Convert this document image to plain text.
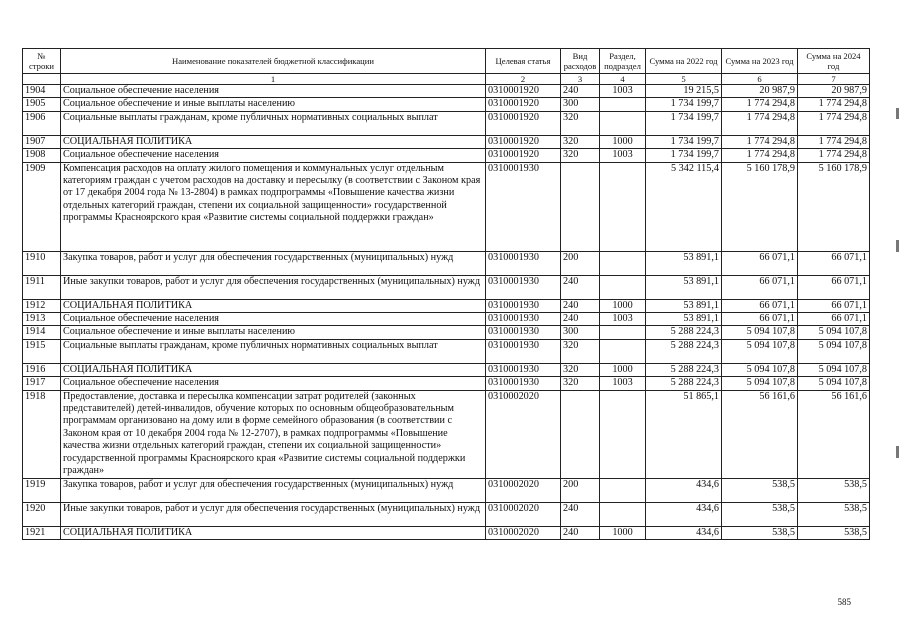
№ строки	Наименование показателей бюджетной классификации	Целевая статья	Вид расходов	Раздел, подраздел	Сумма на 2022 год	Сумма на 2023 год	Сумма на 2024 год
	1	2	3	4	5	6	7
1904	Социальное обеспечение населения	0310001920	240	1003	19 215,5	20 987,9	20 987,9
1905	Социальное обеспечение и иные выплаты населению	0310001920	300		1 734 199,7	1 774 294,8	1 774 294,8
1906	Социальные выплаты гражданам, кроме публичных нормативных социальных выплат	0310001920	320		1 734 199,7	1 774 294,8	1 774 294,8
1907	СОЦИАЛЬНАЯ ПОЛИТИКА	0310001920	320	1000	1 734 199,7	1 774 294,8	1 774 294,8
1908	Социальное обеспечение населения	0310001920	320	1003	1 734 199,7	1 774 294,8	1 774 294,8
1909	Компенсация расходов на оплату жилого помещения и коммунальных услуг отдельным категориям граждан с учетом расходов на доставку и пересылку (в соответствии с Законом края от 17 декабря 2004 года № 13-2804) в рамках подпрограммы «Повышение качества жизни отдельных категорий граждан, степени их социальной защищенности» государственной программы Красноярского края «Развитие системы социальной поддержки граждан»	0310001930			5 342 115,4	5 160 178,9	5 160 178,9
1910	Закупка товаров, работ и услуг для обеспечения государственных (муниципальных) нужд	0310001930	200		53 891,1	66 071,1	66 071,1
1911	Иные закупки товаров, работ и услуг для обеспечения государственных (муниципальных) нужд	0310001930	240		53 891,1	66 071,1	66 071,1
1912	СОЦИАЛЬНАЯ ПОЛИТИКА	0310001930	240	1000	53 891,1	66 071,1	66 071,1
1913	Социальное обеспечение населения	0310001930	240	1003	53 891,1	66 071,1	66 071,1
1914	Социальное обеспечение и иные выплаты населению	0310001930	300		5 288 224,3	5 094 107,8	5 094 107,8
1915	Социальные выплаты гражданам, кроме публичных нормативных социальных выплат	0310001930	320		5 288 224,3	5 094 107,8	5 094 107,8
1916	СОЦИАЛЬНАЯ ПОЛИТИКА	0310001930	320	1000	5 288 224,3	5 094 107,8	5 094 107,8
1917	Социальное обеспечение населения	0310001930	320	1003	5 288 224,3	5 094 107,8	5 094 107,8
1918	Предоставление, доставка и пересылка компенсации затрат родителей (законных представителей) детей-инвалидов, обучение которых по основным общеобразовательным программам организовано на дому или в форме семейного образования (в соответствии с Законом края от 10 декабря 2004 года № 12-2707), в рамках подпрограммы «Повышение качества жизни отдельных категорий граждан, степени их социальной защищенности» государственной программы Красноярского края «Развитие системы социальной поддержки граждан»	0310002020			51 865,1	56 161,6	56 161,6
1919	Закупка товаров, работ и услуг для обеспечения государственных (муниципальных) нужд	0310002020	200		434,6	538,5	538,5
1920	Иные закупки товаров, работ и услуг для обеспечения государственных (муниципальных) нужд	0310002020	240		434,6	538,5	538,5
1921	СОЦИАЛЬНАЯ ПОЛИТИКА	0310002020	240	1000	434,6	538,5	538,5
585
